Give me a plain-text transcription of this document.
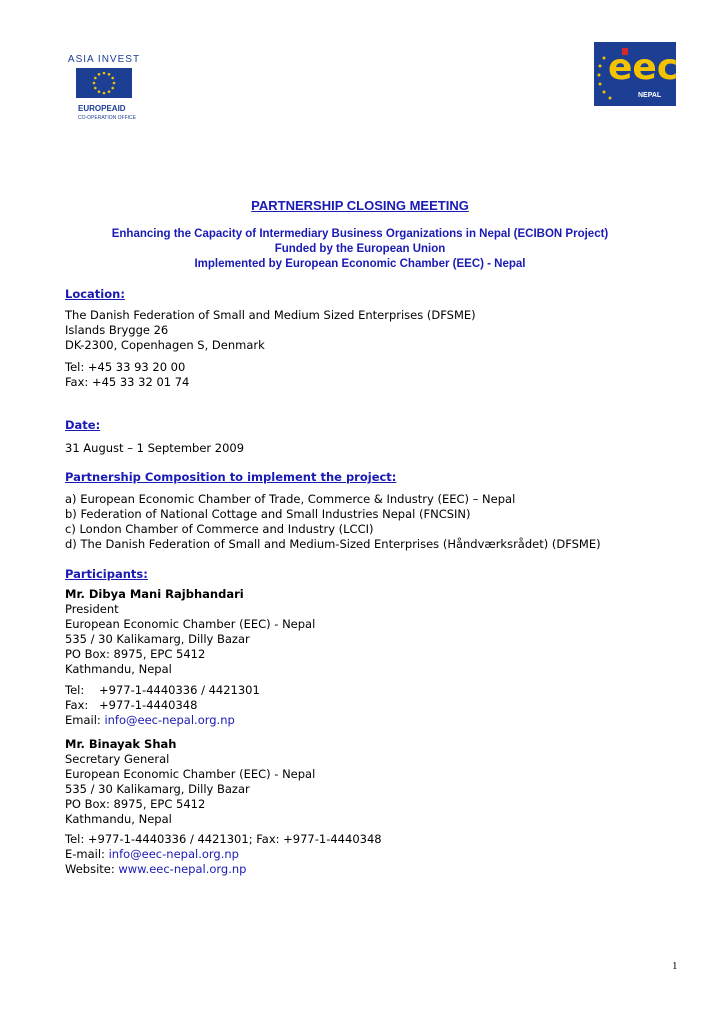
ASIA INVEST
EUROPEAID
CO-OPERATION OFFICE
eec
NEPAL
PARTNERSHIP CLOSING MEETING
Enhancing the Capacity of Intermediary Business Organizations in Nepal (ECIBON Project)
Funded by the European Union
Implemented by European Economic Chamber (EEC) - Nepal
Location:
The Danish Federation of Small and Medium Sized Enterprises (DFSME)
Islands Brygge 26
DK-2300, Copenhagen S, Denmark
Tel: +45 33 93 20 00
Fax: +45 33 32 01 74
Date:
31 August – 1 September 2009
Partnership Composition to implement the project:
a) European Economic Chamber of Trade, Commerce & Industry (EEC) – Nepal
b) Federation of National Cottage and Small Industries Nepal (FNCSIN)
c) London Chamber of Commerce and Industry (LCCI)
d) The Danish Federation of Small and Medium-Sized Enterprises (Håndværksrådet) (DFSME)
Participants:
Mr. Dibya Mani Rajbhandari
President
European Economic Chamber (EEC) - Nepal
535 / 30 Kalikamarg, Dilly Bazar
PO Box: 8975, EPC 5412
Kathmandu, Nepal
Tel: +977-1-4440336 / 4421301
Fax: +977-1-4440348
Email: info@eec-nepal.org.np
Mr. Binayak Shah
Secretary General
European Economic Chamber (EEC) - Nepal
535 / 30 Kalikamarg, Dilly Bazar
PO Box: 8975, EPC 5412
Kathmandu, Nepal
Tel: +977-1-4440336 / 4421301; Fax: +977-1-4440348
E-mail: info@eec-nepal.org.np
Website: www.eec-nepal.org.np
1
